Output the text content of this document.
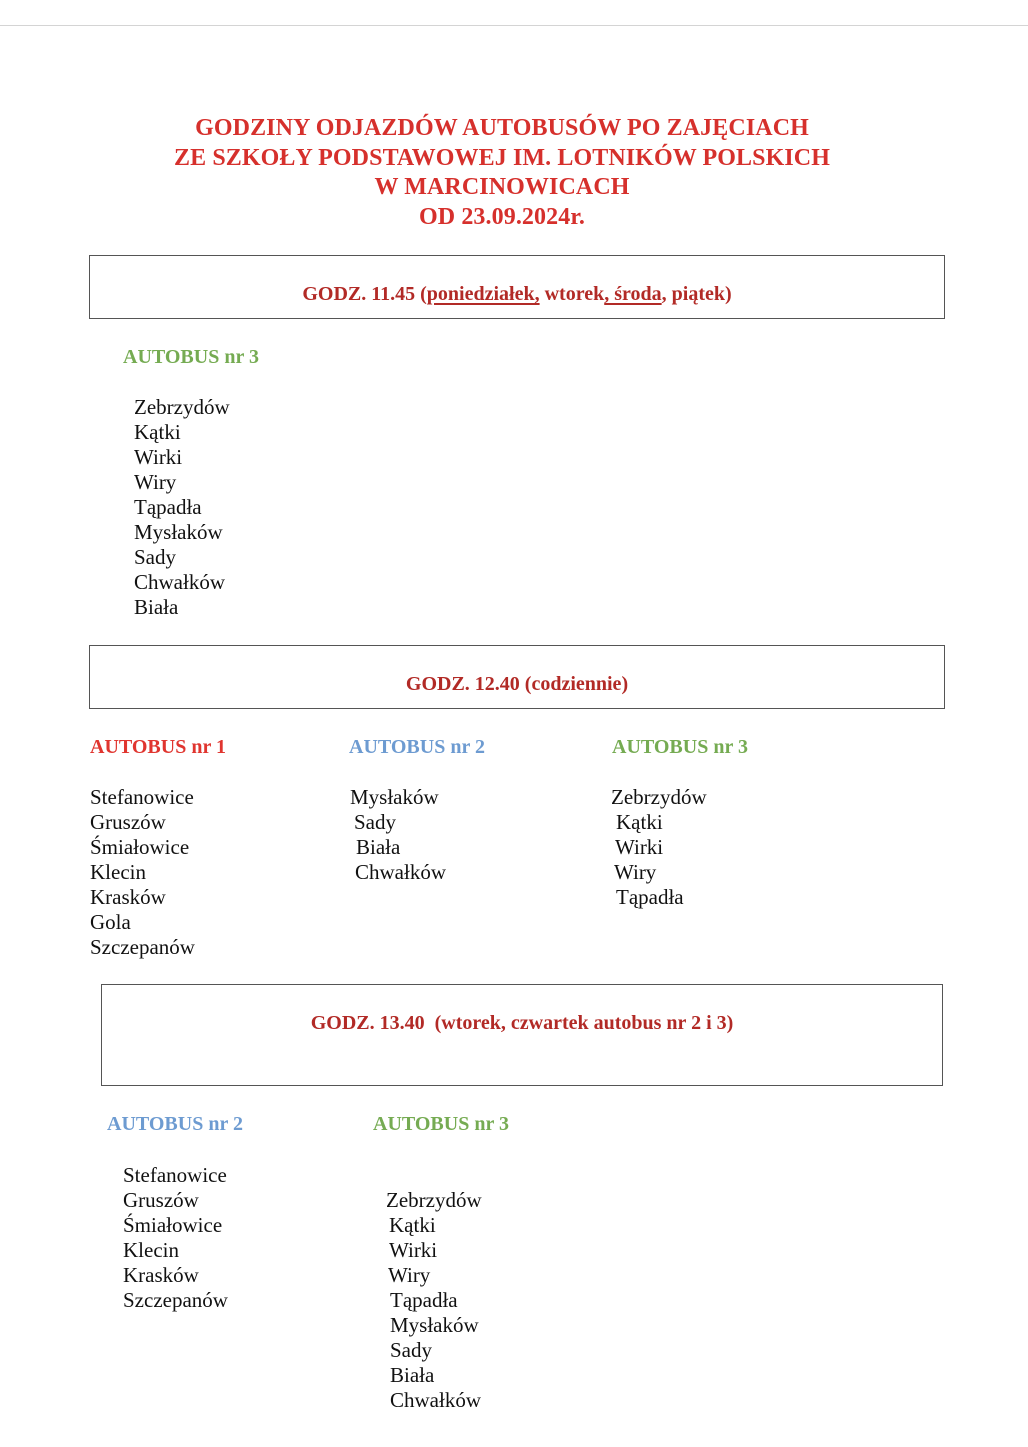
GODZINY ODJAZDÓW AUTOBUSÓW PO ZAJĘCIACH
ZE SZKOŁY PODSTAWOWEJ IM. LOTNIKÓW POLSKICH
W MARCINOWICACH
OD 23.09.2024r.
GODZ. 11.45 (poniedziałek, wtorek, środa, piątek)
AUTOBUS nr 3
Zebrzydów
Kątki
Wirki
Wiry
Tąpadła
Mysłaków
Sady
Chwałków
Biała
GODZ. 12.40 (codziennie)
AUTOBUS nr 1
Stefanowice
Gruszów
Śmiałowice
Klecin
Krasków
Gola
Szczepanów
AUTOBUS nr 2
Mysłaków
Sady
Biała
Chwałków
AUTOBUS nr 3
Zebrzydów
Kątki
Wirki
Wiry
Tąpadła
GODZ. 13.40  (wtorek, czwartek autobus nr 2 i 3)
AUTOBUS nr 2
Stefanowice
Gruszów
Śmiałowice
Klecin
Krasków
Szczepanów
AUTOBUS nr 3
Zebrzydów
Kątki
Wirki
Wiry
Tąpadła
Mysłaków
Sady
Biała
Chwałków
